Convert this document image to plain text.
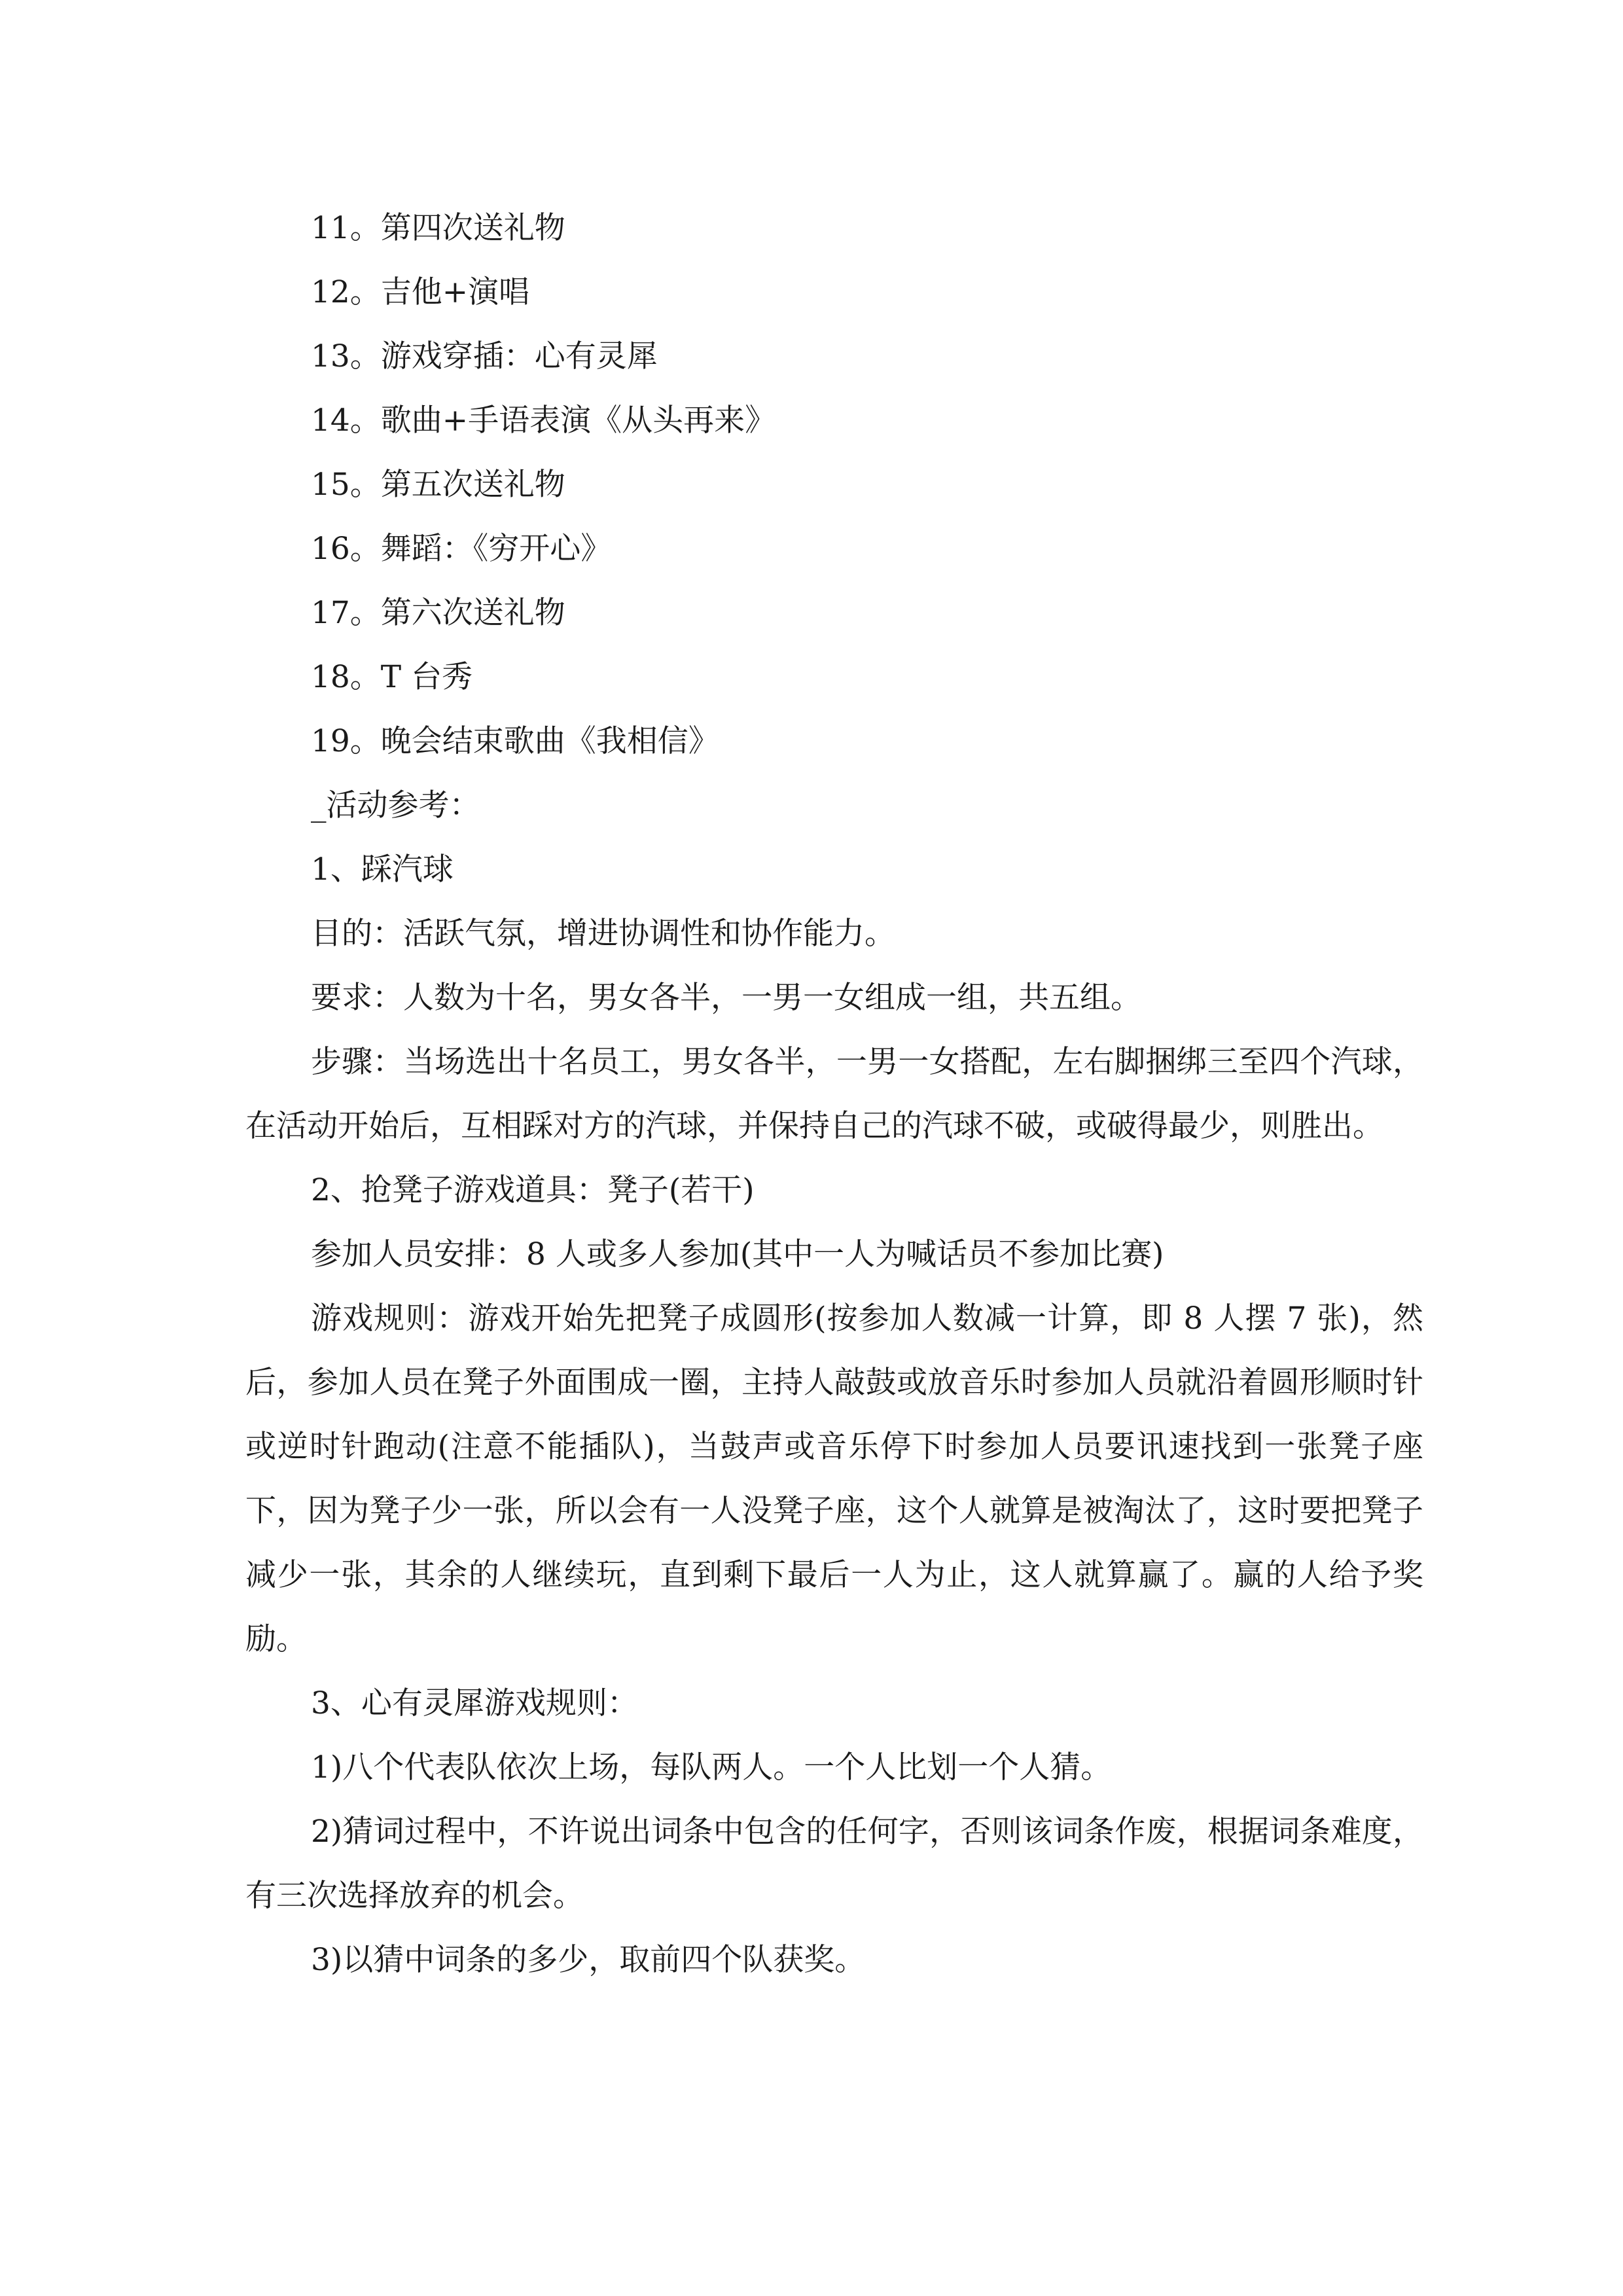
11。第四次送礼物

12。吉他+演唱

13。游戏穿插：心有灵犀

14。歌曲+手语表演《从头再来》

15。第五次送礼物

16。舞蹈：《穷开心》

17。第六次送礼物

18。T 台秀

19。晚会结束歌曲《我相信》

_活动参考：

1、踩汽球

目的：活跃气氛，增进协调性和协作能力。

要求：人数为十名，男女各半，一男一女组成一组，共五组。

步骤：当场选出十名员工，男女各半，一男一女搭配，左右脚捆绑三至四个汽球，在活动开始后，互相踩对方的汽球，并保持自己的汽球不破，或破得最少，则胜出。

2、抢凳子游戏道具：凳子(若干)

参加人员安排：8 人或多人参加(其中一人为喊话员不参加比赛)

游戏规则：游戏开始先把凳子成圆形(按参加人数减一计算，即 8 人摆 7 张)，然后，参加人员在凳子外面围成一圈，主持人敲鼓或放音乐时参加人员就沿着圆形顺时针或逆时针跑动(注意不能插队)，当鼓声或音乐停下时参加人员要讯速找到一张凳子座下，因为凳子少一张，所以会有一人没凳子座，这个人就算是被淘汰了，这时要把凳子减少一张，其余的人继续玩，直到剩下最后一人为止，这人就算赢了。赢的人给予奖励。

3、心有灵犀游戏规则：

1)八个代表队依次上场，每队两人。一个人比划一个人猜。

2)猜词过程中，不许说出词条中包含的任何字，否则该词条作废，根据词条难度，有三次选择放弃的机会。

3)以猜中词条的多少，取前四个队获奖。
